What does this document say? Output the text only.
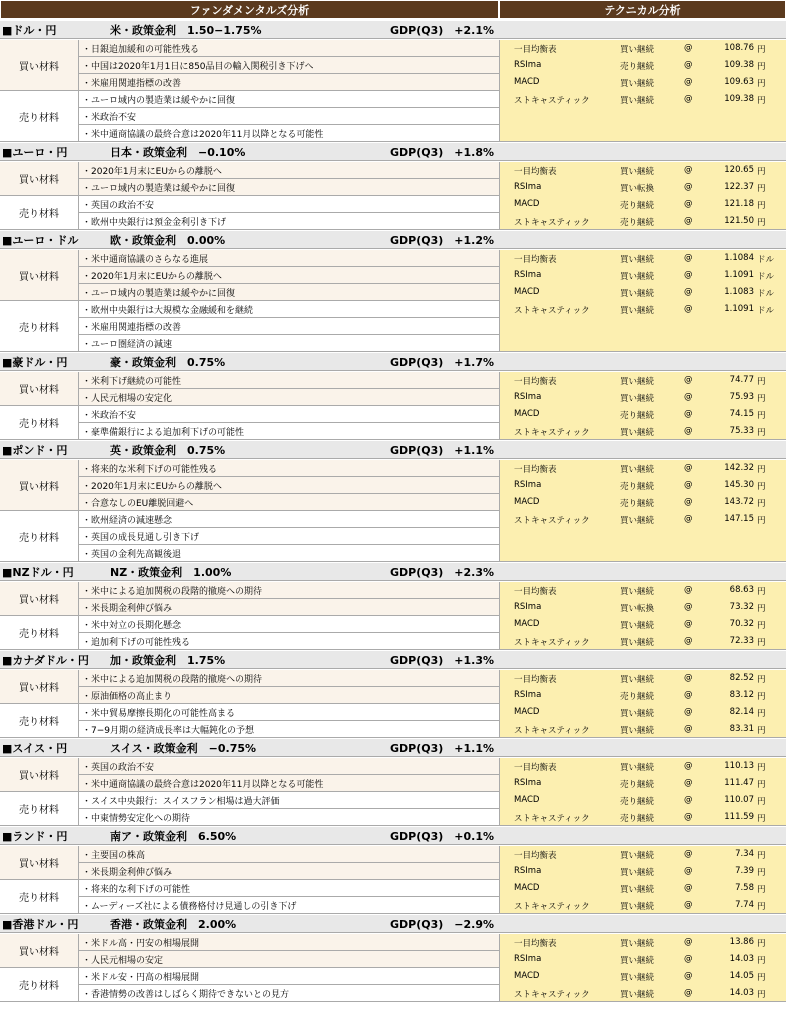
ファンダメンタルズ分析	テクニカル分析
■ドル・円	米・政策金利　1.50−1.75%	GDP(Q3)　+2.1%
買い材料
・日銀追加緩和の可能性残る
・中国は2020年1月1日に850品目の輸入関税引き下げへ
・米雇用関連指標の改善
売り材料
・ユーロ域内の製造業は緩やかに回復
・米政治不安
・米中通商協議の最終合意は2020年11月以降となる可能性
一目均衡表	買い継続	@	108.76 円
RSIma	売り継続	@	109.38 円
MACD	買い継続	@	109.63 円
ストキャスティック	買い継続	@	109.38 円
■ユーロ・円	日本・政策金利　−0.10%	GDP(Q3)　+1.8%
買い材料
・2020年1月末にEUからの離脱へ
・ユーロ域内の製造業は緩やかに回復
売り材料
・英国の政治不安
・欧州中央銀行は預金金利引き下げ
一目均衡表	買い継続	@	120.65 円
RSIma	買い転換	@	122.37 円
MACD	売り継続	@	121.18 円
ストキャスティック	売り継続	@	121.50 円
■ユーロ・ドル	欧・政策金利　0.00%	GDP(Q3)　+1.2%
買い材料
・米中通商協議のさらなる進展
・2020年1月末にEUからの離脱へ
・ユーロ域内の製造業は緩やかに回復
売り材料
・欧州中央銀行は大規模な金融緩和を継続
・米雇用関連指標の改善
・ユーロ圏経済の減速
一目均衡表	買い継続	@	1.1084 ドル
RSIma	買い継続	@	1.1091 ドル
MACD	買い継続	@	1.1083 ドル
ストキャスティック	買い継続	@	1.1091 ドル
■豪ドル・円	豪・政策金利　0.75%	GDP(Q3)　+1.7%
買い材料
・米利下げ継続の可能性
・人民元相場の安定化
売り材料
・米政治不安
・豪準備銀行による追加利下げの可能性
一目均衡表	買い継続	@	74.77 円
RSIma	買い継続	@	75.93 円
MACD	売り継続	@	74.15 円
ストキャスティック	買い継続	@	75.33 円
■ポンド・円	英・政策金利　0.75%	GDP(Q3)　+1.1%
買い材料
・将来的な米利下げの可能性残る
・2020年1月末にEUからの離脱へ
・合意なしのEU離脱回避へ
売り材料
・欧州経済の減速懸念
・英国の成長見通し引き下げ
・英国の金利先高観後退
一目均衡表	買い継続	@	142.32 円
RSIma	売り継続	@	145.30 円
MACD	売り継続	@	143.72 円
ストキャスティック	買い継続	@	147.15 円
■NZドル・円	NZ・政策金利　1.00%	GDP(Q3)　+2.3%
買い材料
・米中による追加関税の段階的撤廃への期待
・米長期金利伸び悩み
売り材料
・米中対立の長期化懸念
・追加利下げの可能性残る
一目均衡表	買い継続	@	68.63 円
RSIma	買い転換	@	73.32 円
MACD	買い継続	@	70.32 円
ストキャスティック	買い継続	@	72.33 円
■カナダドル・円 加・政策金利　1.75%	GDP(Q3)　+1.3%
買い材料
・米中による追加関税の段階的撤廃への期待
・原油価格の高止まり
売り材料
・米中貿易摩擦長期化の可能性高まる
・7−9月期の経済成長率は大幅鈍化の予想
一目均衡表	買い継続	@	82.52 円
RSIma	売り継続	@	83.12 円
MACD	買い継続	@	82.14 円
ストキャスティック	買い継続	@	83.31 円
■スイス・円	スイス・政策金利　−0.75%	GDP(Q3)　+1.1%
買い材料
・英国の政治不安
・米中通商協議の最終合意は2020年11月以降となる可能性
売り材料
・スイス中央銀行：スイスフラン相場は過大評価
・中東情勢安定化への期待
一目均衡表	買い継続	@	110.13 円
RSIma	売り継続	@	111.47 円
MACD	売り継続	@	110.07 円
ストキャスティック	売り継続	@	111.59 円
■ランド・円	南ア・政策金利　6.50%	GDP(Q3)　+0.1%
買い材料
・主要国の株高
・米長期金利伸び悩み
売り材料
・将来的な利下げの可能性
・ムーディーズ社による債務格付け見通しの引き下げ
一目均衡表	買い継続	@	7.34 円
RSIma	買い継続	@	7.39 円
MACD	買い継続	@	7.58 円
ストキャスティック	買い継続	@	7.74 円
■香港ドル・円	香港・政策金利　2.00%	GDP(Q3)　−2.9%
買い材料
・米ドル高・円安の相場展開
・人民元相場の安定
売り材料
・米ドル安・円高の相場展開
・香港情勢の改善はしばらく期待できないとの見方
一目均衡表	買い継続	@	13.86 円
RSIma	買い継続	@	14.03 円
MACD	買い継続	@	14.05 円
ストキャスティック	買い継続	@	14.03 円
